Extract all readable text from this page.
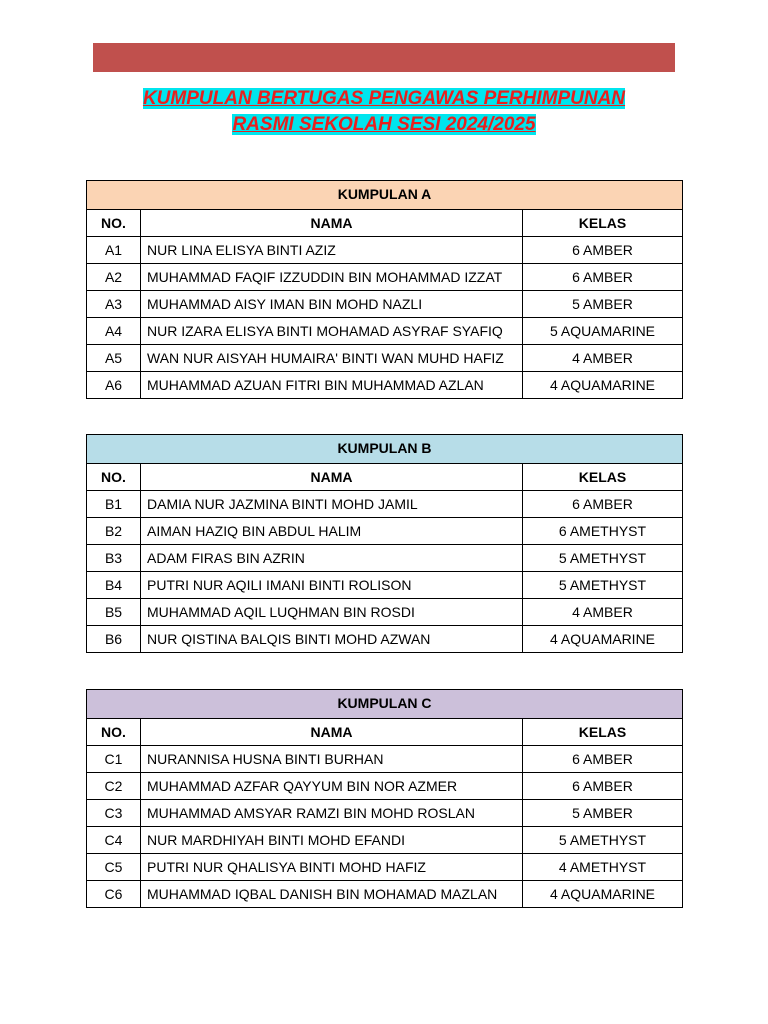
KUMPULAN BERTUGAS PENGAWAS PERHIMPUNAN
RASMI SEKOLAH SESI 2024/2025
KUMPULAN A		
NO.	NAMA	KELAS
A1	NUR LINA ELISYA BINTI AZIZ	6 AMBER
A2	MUHAMMAD FAQIF IZZUDDIN BIN MOHAMMAD IZZAT	6 AMBER
A3	MUHAMMAD AISY IMAN BIN MOHD NAZLI	5 AMBER
A4	NUR IZARA ELISYA BINTI MOHAMAD ASYRAF SYAFIQ	5 AQUAMARINE
A5	WAN NUR AISYAH HUMAIRA' BINTI WAN MUHD HAFIZ	4 AMBER
A6	MUHAMMAD AZUAN FITRI BIN MUHAMMAD AZLAN	4 AQUAMARINE
KUMPULAN B		
NO.	NAMA	KELAS
B1	DAMIA NUR JAZMINA BINTI MOHD JAMIL	6 AMBER
B2	AIMAN HAZIQ BIN ABDUL HALIM	6 AMETHYST
B3	ADAM FIRAS BIN AZRIN	5 AMETHYST
B4	PUTRI NUR AQILI IMANI BINTI ROLISON	5 AMETHYST
B5	MUHAMMAD AQIL LUQHMAN BIN ROSDI	4 AMBER
B6	NUR QISTINA BALQIS BINTI MOHD AZWAN	4 AQUAMARINE
KUMPULAN C		
NO.	NAMA	KELAS
C1	NURANNISA HUSNA BINTI BURHAN	6 AMBER
C2	MUHAMMAD AZFAR QAYYUM BIN NOR AZMER	6 AMBER
C3	MUHAMMAD AMSYAR RAMZI BIN MOHD ROSLAN	5 AMBER
C4	NUR MARDHIYAH BINTI MOHD EFANDI	5 AMETHYST
C5	PUTRI NUR QHALISYA BINTI MOHD HAFIZ	4 AMETHYST
C6	MUHAMMAD IQBAL DANISH BIN MOHAMAD MAZLAN	4 AQUAMARINE
